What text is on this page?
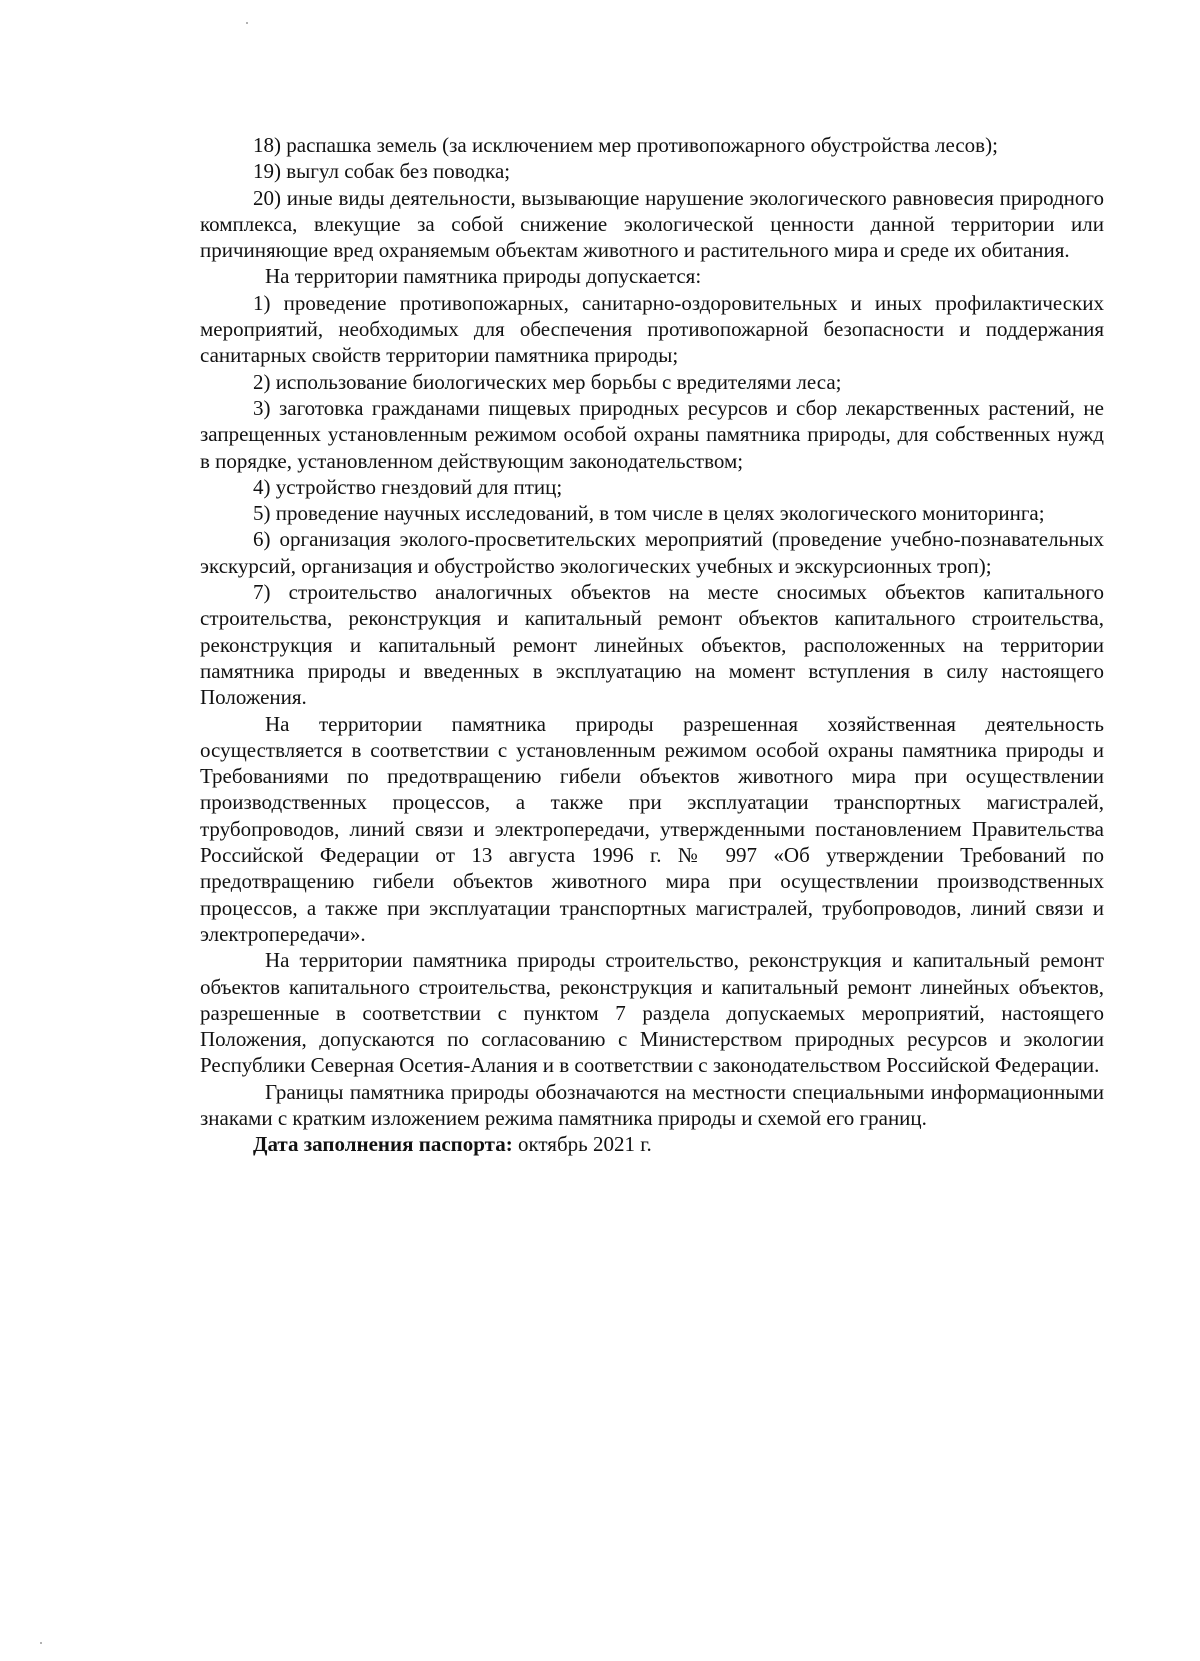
18) распашка земель (за исключением мер противопожарного обустройства лесов);

19) выгул собак без поводка;

20) иные виды деятельности, вызывающие нарушение экологического равновесия природного комплекса, влекущие за собой снижение экологической ценности данной территории или причиняющие вред охраняемым объектам животного и растительного мира и среде их обитания.

На территории памятника природы допускается:

1) проведение противопожарных, санитарно-оздоровительных и иных профилактических мероприятий, необходимых для обеспечения противопожарной безопасности и поддержания санитарных свойств территории памятника природы;

2) использование биологических мер борьбы с вредителями леса;

3) заготовка гражданами пищевых природных ресурсов и сбор лекарственных растений, не запрещенных установленным режимом особой охраны памятника природы, для собственных нужд в порядке, установленном действующим законодательством;

4) устройство гнездовий для птиц;

5) проведение научных исследований, в том числе в целях экологического мониторинга;

6) организация эколого-просветительских мероприятий (проведение учебно-познавательных экскурсий, организация и обустройство экологических учебных и экскурсионных троп);

7) строительство аналогичных объектов на месте сносимых объектов капитального строительства, реконструкция и капитальный ремонт объектов капитального строительства, реконструкция и капитальный ремонт линейных объектов, расположенных на территории памятника природы и введенных в эксплуатацию на момент вступления в силу настоящего Положения.

На территории памятника природы разрешенная хозяйственная деятельность осуществляется в соответствии с установленным режимом особой охраны памятника природы и Требованиями по предотвращению гибели объектов животного мира при осуществлении производственных процессов, а также при эксплуатации транспортных магистралей, трубопроводов, линий связи и электропередачи, утвержденными постановлением Правительства Российской Федерации от 13 августа 1996 г. № 997 «Об утверждении Требований по предотвращению гибели объектов животного мира при осуществлении производственных процессов, а также при эксплуатации транспортных магистралей, трубопроводов, линий связи и электропередачи».

На территории памятника природы строительство, реконструкция и капитальный ремонт объектов капитального строительства, реконструкция и капитальный ремонт линейных объектов, разрешенные в соответствии с пунктом 7 раздела допускаемых мероприятий, настоящего Положения, допускаются по согласованию с Министерством природных ресурсов и экологии Республики Северная Осетия-Алания и в соответствии с законодательством Российской Федерации.

Границы памятника природы обозначаются на местности специальными информационными знаками с кратким изложением режима памятника природы и схемой его границ.

Дата заполнения паспорта: октябрь 2021 г.
